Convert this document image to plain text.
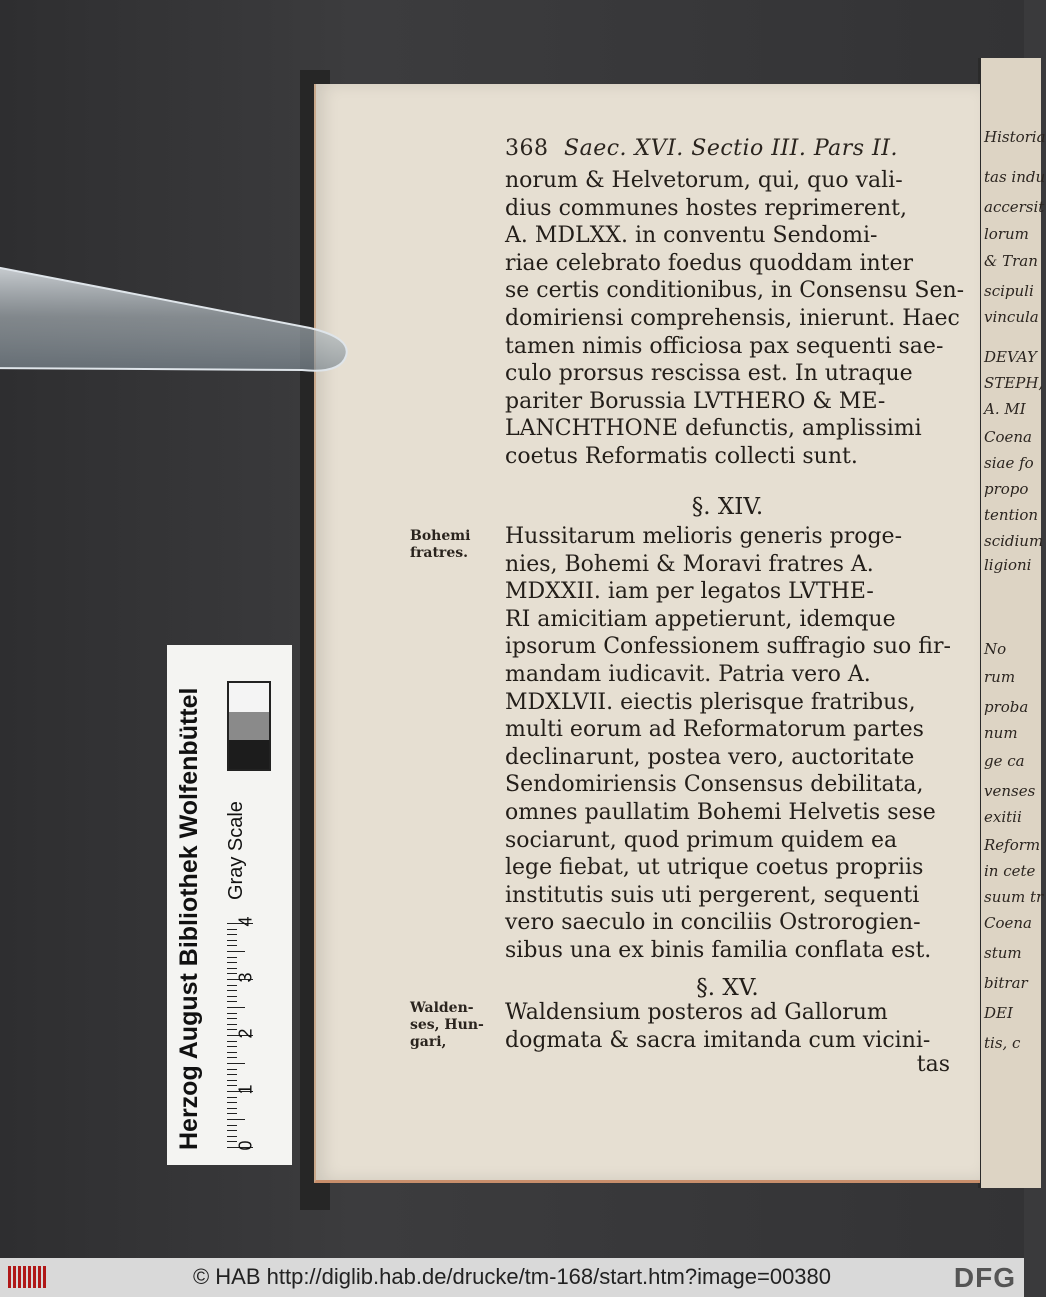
Historia
tas indu
accersit
lorum
& Tran
scipuli
vincula
DEVAY
STEPH,
A. MI
Coena
siae fo
propo
tention
scidium
ligioni
No
rum
proba
num
ge ca
venses
exitii
Reform
in cete
suum tr
Coena
stum
bitrar
DEI
tis, c
368 Saec. XVI. Sectio III. Pars II.
norum & Helvetorum, qui, quo vali-
dius communes hostes reprimerent,
A. MDLXX. in conventu Sendomi-
riae celebrato foedus quoddam inter
se certis conditionibus, in Consensu Sen-
domiriensi comprehensis, inierunt. Haec
tamen nimis officiosa pax sequenti sae-
culo prorsus rescissa est. In utraque
pariter Borussia LVTHERO & ME-
LANCHTHONE defunctis, amplissimi
coetus Reformatis collecti sunt.
§. XIV.
Hussitarum melioris generis proge-
nies, Bohemi & Moravi fratres A.
MDXXII. iam per legatos LVTHE-
RI amicitiam appetierunt, idemque
ipsorum Confessionem suffragio suo fir-
mandam iudicavit. Patria vero A.
MDXLVII. eiectis plerisque fratribus,
multi eorum ad Reformatorum partes
declinarunt, postea vero, auctoritate
Sendomiriensis Consensus debilitata,
omnes paullatim Bohemi Helvetis sese
sociarunt, quod primum quidem ea
lege fiebat, ut utrique coetus propriis
institutis suis uti pergerent, sequenti
vero saeculo in conciliis Ostrorogien-
sibus una ex binis familia conflata est.
§. XV.
Waldensium posteros ad Gallorum
dogmata & sacra imitanda cum vicini-
tas
Bohemi
fratres.
Walden-
ses, Hun-
gari,
Herzog August Bibliothek Wolfenbüttel Gray Scale
0
1
2
3
4
© HAB http://diglib.hab.de/drucke/tm-168/start.htm?image=00380	DFG
